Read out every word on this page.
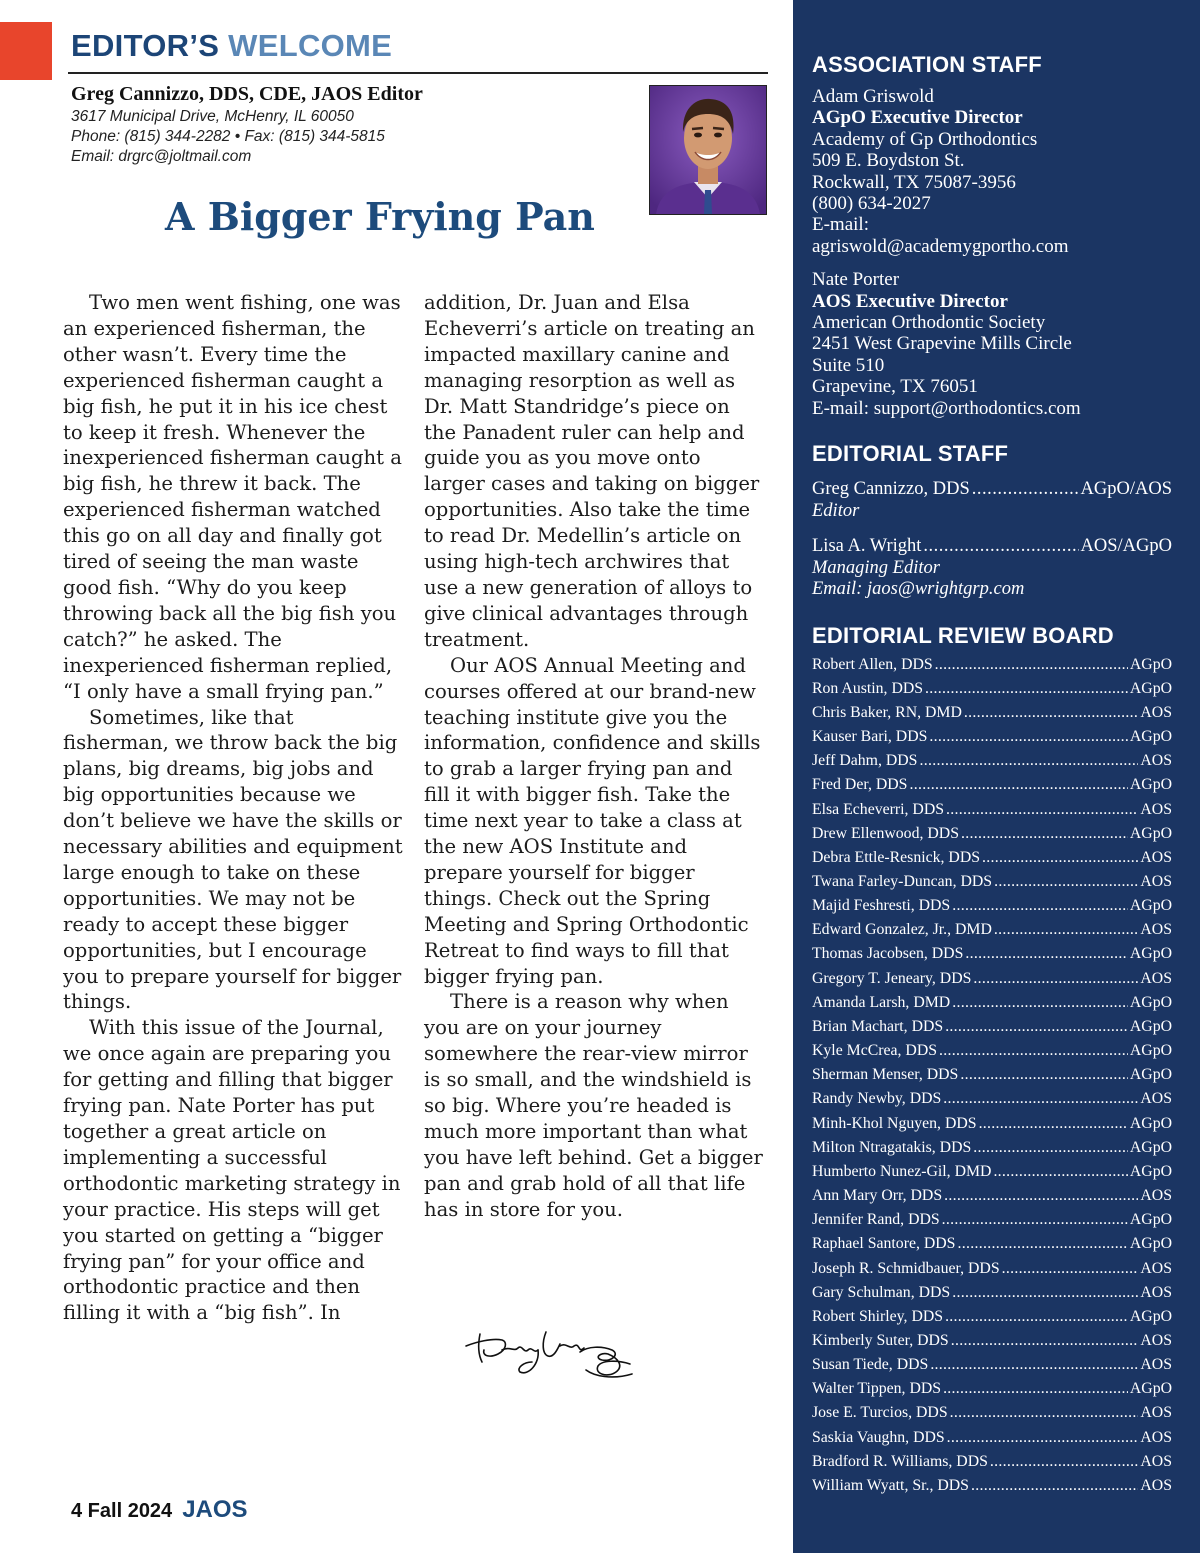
EDITOR’S WELCOME
Greg Cannizzo, DDS, CDE, JAOS Editor
3617 Municipal Drive, McHenry, IL 60050
Phone: (815) 344-2282 • Fax: (815) 344-5815
Email: drgrc@joltmail.com
A Bigger Frying Pan

Two men went fishing, one was an experienced fisherman, the other wasn’t. Every time the experienced fisherman caught a big fish, he put it in his ice chest to keep it fresh. Whenever the inexperienced fisherman caught a big fish, he threw it back. The experienced fisherman watched this go on all day and finally got tired of seeing the man waste good fish. “Why do you keep throwing back all the big fish you catch?” he asked. The inexperienced fisherman replied, “I only have a small frying pan.”

Sometimes, like that fisherman, we throw back the big plans, big dreams, big jobs and big opportunities because we don’t believe we have the skills or necessary abilities and equipment large enough to take on these opportunities. We may not be ready to accept these bigger opportunities, but I encourage you to prepare yourself for bigger things.

With this issue of the Journal, we once again are preparing you for getting and filling that bigger frying pan. Nate Porter has put together a great article on implementing a successful orthodontic marketing strategy in your practice. His steps will get you started on getting a “bigger frying pan” for your office and orthodontic practice and then filling it with a “big fish”. In

addition, Dr. Juan and Elsa Echeverri’s article on treating an impacted maxillary canine and managing resorption as well as Dr. Matt Standridge’s piece on the Panadent ruler can help and guide you as you move onto larger cases and taking on bigger opportunities. Also take the time to read Dr. Medellin’s article on using high-tech archwires that use a new generation of alloys to give clinical advantages through treatment.

Our AOS Annual Meeting and courses offered at our brand-new teaching institute give you the information, confidence and skills to grab a larger frying pan and fill it with bigger fish. Take the time next year to take a class at the new AOS Institute and prepare yourself for bigger things. Check out the Spring Meeting and Spring Orthodontic Retreat to find ways to fill that bigger frying pan.

There is a reason why when you are on your journey somewhere the rear-view mirror is so small, and the windshield is so big. Where you’re headed is much more important than what you have left behind. Get a bigger pan and grab hold of all that life has in store for you.

4 Fall 2024 JAOS
ASSOCIATION STAFF
Adam Griswold
AGpO Executive Director
Academy of Gp Orthodontics
509 E. Boydston St.
Rockwall, TX 75087-3956
(800) 634-2027
E-mail:
agriswold@academygportho.com
Nate Porter
AOS Executive Director
American Orthodontic Society
2451 West Grapevine Mills Circle
Suite 510
Grapevine, TX 76051
E-mail: support@orthodontics.com
EDITORIAL STAFF
Greg Cannizzo, DDS .....	AGpO/AOS
Editor
Lisa A. Wright .....	AOS/AGpO
Managing Editor
Email: jaos@wrightgrp.com
EDITORIAL REVIEW BOARD
Robert Allen, DDS .....	AGpO
Ron Austin, DDS .....	AGpO
Chris Baker, RN, DMD .....	AOS
Kauser Bari, DDS .....	AGpO
Jeff Dahm, DDS .....	AOS
Fred Der, DDS .....	AGpO
Elsa Echeverri, DDS .....	AOS
Drew Ellenwood, DDS .....	AGpO
Debra Ettle-Resnick, DDS .....	AOS
Twana Farley-Duncan, DDS .....	AOS
Majid Feshresti, DDS .....	AGpO
Edward Gonzalez, Jr., DMD .....	AOS
Thomas Jacobsen, DDS .....	AGpO
Gregory T. Jeneary, DDS .....	AOS
Amanda Larsh, DMD .....	AGpO
Brian Machart, DDS .....	AGpO
Kyle McCrea, DDS .....	AGpO
Sherman Menser, DDS .....	AGpO
Randy Newby, DDS .....	AOS
Minh-Khol Nguyen, DDS .....	AGpO
Milton Ntragatakis, DDS .....	AGpO
Humberto Nunez-Gil, DMD .....	AGpO
Ann Mary Orr, DDS .....	AOS
Jennifer Rand, DDS .....	AGpO
Raphael Santore, DDS .....	AGpO
Joseph R. Schmidbauer, DDS .....	AOS
Gary Schulman, DDS .....	AOS
Robert Shirley, DDS .....	AGpO
Kimberly Suter, DDS .....	AOS
Susan Tiede, DDS .....	AOS
Walter Tippen, DDS .....	AGpO
Jose E. Turcios, DDS .....	AOS
Saskia Vaughn, DDS .....	AOS
Bradford R. Williams, DDS .....	AOS
William Wyatt, Sr., DDS .....	AOS
